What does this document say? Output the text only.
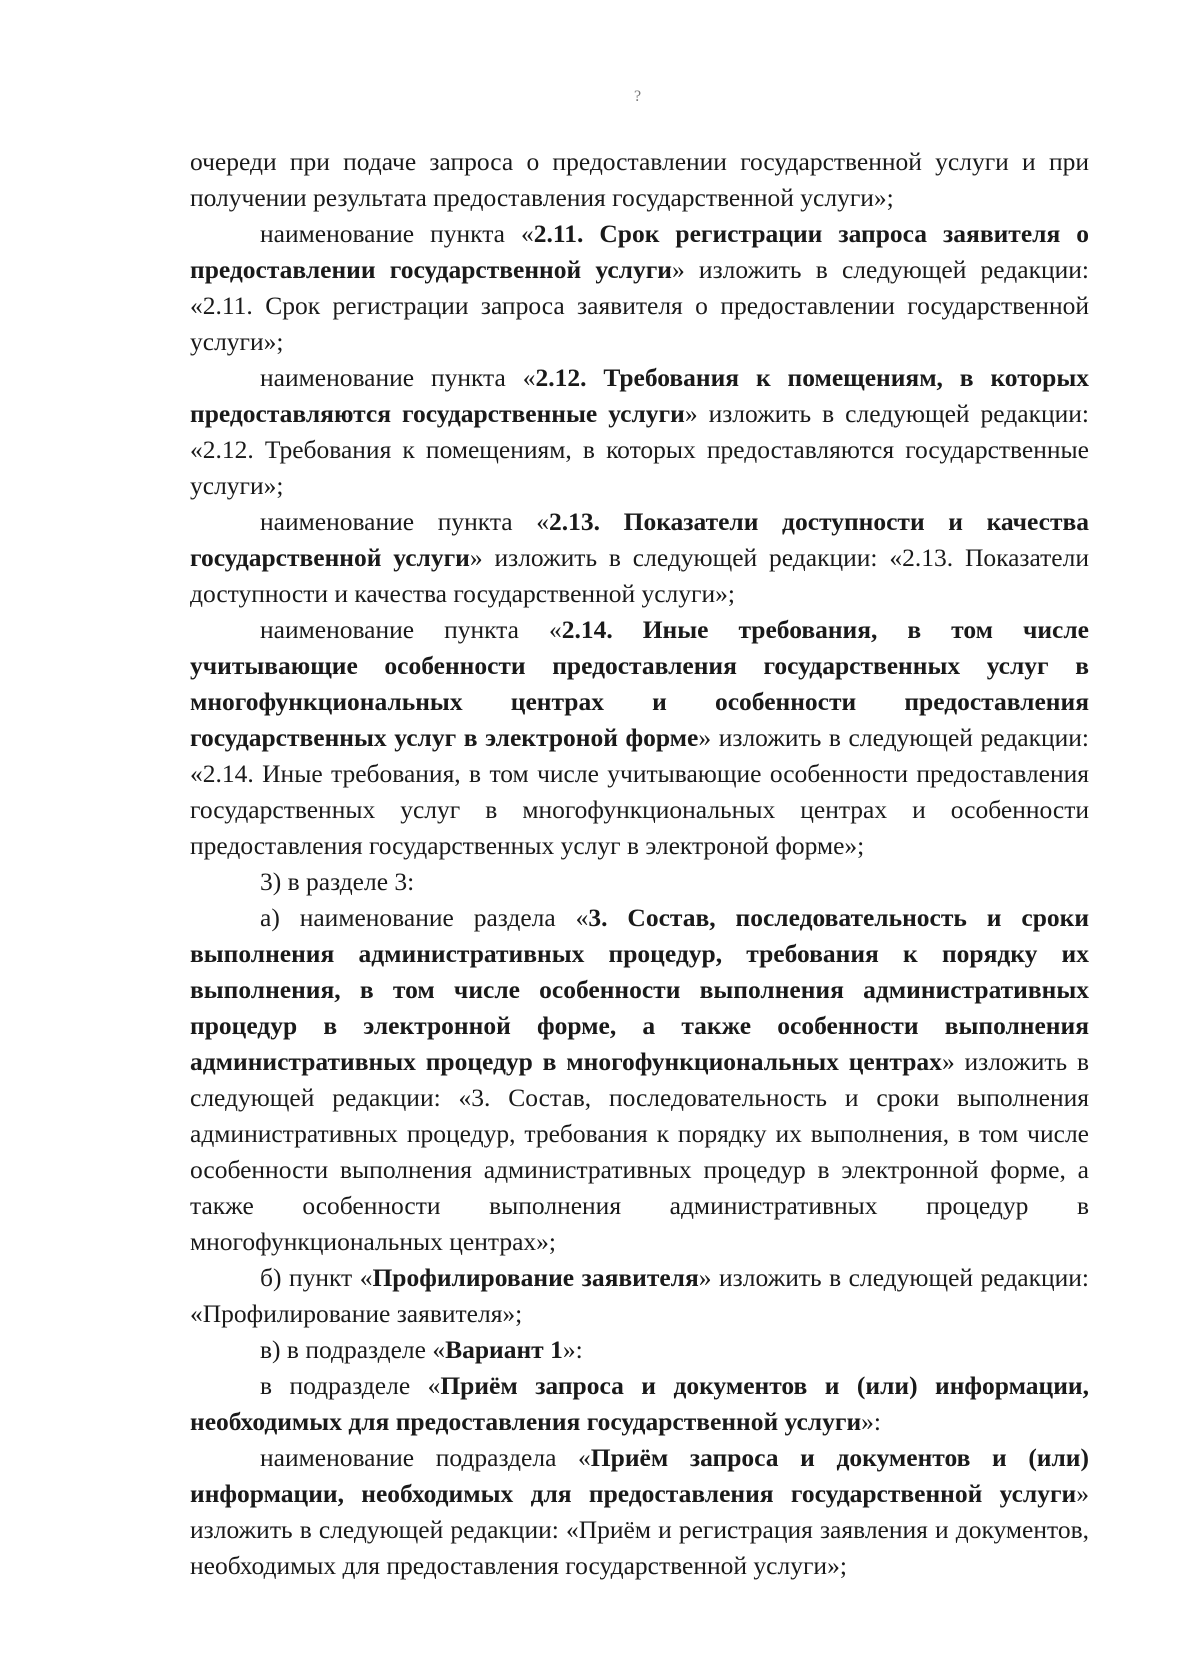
?

очереди при подаче запроса о предоставлении государственной услуги и при получении результата предоставления государственной услуги»;

наименование пункта «2.11. Срок регистрации запроса заявителя о предоставлении государственной услуги» изложить в следующей редакции: «2.11. Срок регистрации запроса заявителя о предоставлении государственной услуги»;

наименование пункта «2.12. Требования к помещениям, в которых предоставляются государственные услуги» изложить в следующей редакции: «2.12. Требования к помещениям, в которых предоставляются государственные услуги»;

наименование пункта «2.13. Показатели доступности и качества государственной услуги» изложить в следующей редакции: «2.13. Показатели доступности и качества государственной услуги»;

наименование пункта «2.14. Иные требования, в том числе учитывающие особенности предоставления государственных услуг в многофункциональных центрах и особенности предоставления государственных услуг в электроной форме» изложить в следующей редакции: «2.14. Иные требования, в том числе учитывающие особенности предоставления государственных услуг в многофункциональных центрах и особенности предоставления государственных услуг в электроной форме»;

3) в разделе 3:

а) наименование раздела «3. Состав, последовательность и сроки выполнения административных процедур, требования к порядку их выполнения, в том числе особенности выполнения административных процедур в электронной форме, а также особенности выполнения административных процедур в многофункциональных центрах» изложить в следующей редакции: «3. Состав, последовательность и сроки выполнения административных процедур, требования к порядку их выполнения, в том числе особенности выполнения административных процедур в электронной форме, а также особенности выполнения административных процедур в многофункциональных центрах»;

б) пункт «Профилирование заявителя» изложить в следующей редакции: «Профилирование заявителя»;

в) в подразделе «Вариант 1»:

в подразделе «Приём запроса и документов и (или) информации, необходимых для предоставления государственной услуги»:

наименование подраздела «Приём запроса и документов и (или) информации, необходимых для предоставления государственной услуги» изложить в следующей редакции: «Приём и регистрация заявления и документов, необходимых для предоставления государственной услуги»;
